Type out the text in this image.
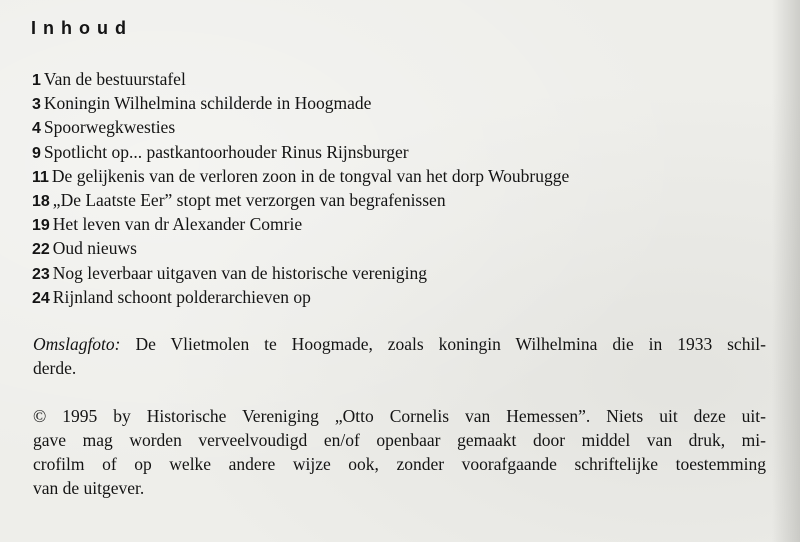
Inhoud
1 Van de bestuurstafel
3 Koningin Wilhelmina schilderde in Hoogmade
4 Spoorwegkwesties
9 Spotlicht op... pastkantoorhouder Rinus Rijnsburger
11 De gelijkenis van de verloren zoon in de tongval van het dorp Woubrugge
18 „De Laatste Eer” stopt met verzorgen van begrafenissen
19 Het leven van dr Alexander Comrie
22 Oud nieuws
23 Nog leverbaar uitgaven van de historische vereniging
24 Rijnland schoont polderarchieven op

Omslagfoto: De Vlietmolen te Hoogmade, zoals koningin Wilhelmina die in 1933 schil-
derde.

© 1995 by Historische Vereniging „Otto Cornelis van Hemessen”. Niets uit deze uit-
gave mag worden verveelvoudigd en/of openbaar gemaakt door middel van druk, mi-
crofilm of op welke andere wijze ook, zonder voorafgaande schriftelijke toestemming
van de uitgever.
